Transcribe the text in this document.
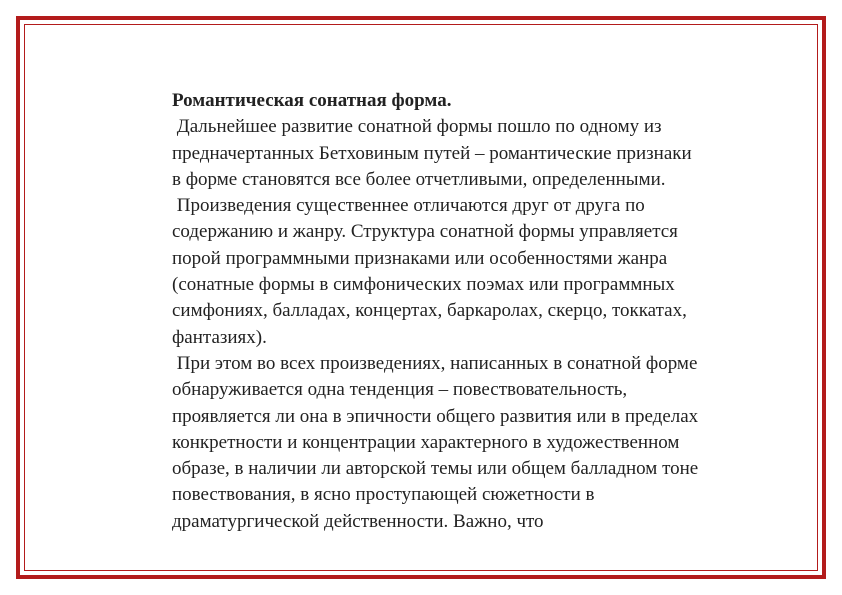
Романтическая сонатная форма.
Дальнейшее развитие сонатной формы пошло по одному из
предначертанных Бетховиным путей – романтические признаки
в форме становятся все более отчетливыми, определенными.
Произведения существеннее отличаются друг от друга по
содержанию и жанру. Структура сонатной формы управляется
порой программными признаками или особенностями жанра
(сонатные формы в симфонических поэмах или программных
симфониях, балладах, концертах, баркаролах, скерцо, токкатах,
фантазиях).
При этом во всех произведениях, написанных в сонатной форме
обнаруживается одна тенденция – повествовательность,
проявляется ли она в эпичности общего развития или в пределах
конкретности и концентрации характерного в художественном
образе, в наличии ли авторской темы или общем балладном тоне
повествования, в ясно проступающей сюжетности в
драматургической действенности. Важно, что
